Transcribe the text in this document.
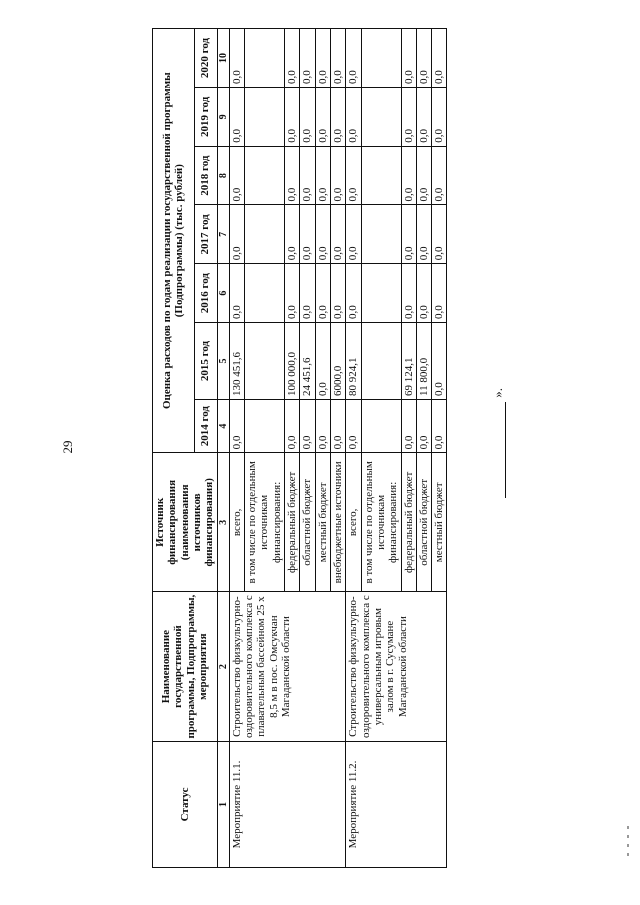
29
Статус	Наименование государственной программы, Подпрограммы, мероприятия	Источник финансирования (наименования источников финансирования)	Оценка расходов по годам реализации государственной программы (Подпрограммы) (тыс. рублей)						
			2014 год	2015 год	2016 год	2017 год	2018 год	2019 год	2020 год
1	2	3	4	5	6	7	8	9	10
Мероприятие 11.1.	Строительство физкультурно-оздоровительного комплекса с плавательным бассейном 25 х 8,5 м в пос. Омсукчан Магаданской области	всего,	0,0	130 451,6	0,0	0,0	0,0	0,0	0,0
		в том числе по отдельным источникам финансирования:							
		федеральный бюджет	0,0	100 000,0	0,0	0,0	0,0	0,0	0,0
		областной бюджет	0,0	24 451,6	0,0	0,0	0,0	0,0	0,0
		местный бюджет	0,0	0,0	0,0	0,0	0,0	0,0	0,0
		внебюджетные источники	0,0	6000,0	0,0	0,0	0,0	0,0	0,0
Мероприятие 11.2.	Строительство физкультурно-оздоровительного комплекса с универсальным игровым залом в г. Сусумане Магаданской области	всего,	0,0	80 924,1	0,0	0,0	0,0	0,0	0,0
		в том числе по отдельным источникам финансирования:							
		федеральный бюджет	0,0	69 124,1	0,0	0,0	0,0	0,0	0,0
		областной бюджет	0,0	11 800,0	0,0	0,0	0,0	0,0	0,0
		местный бюджет	0,0	0,0	0,0	0,0	0,0	0,0	0,0
».
